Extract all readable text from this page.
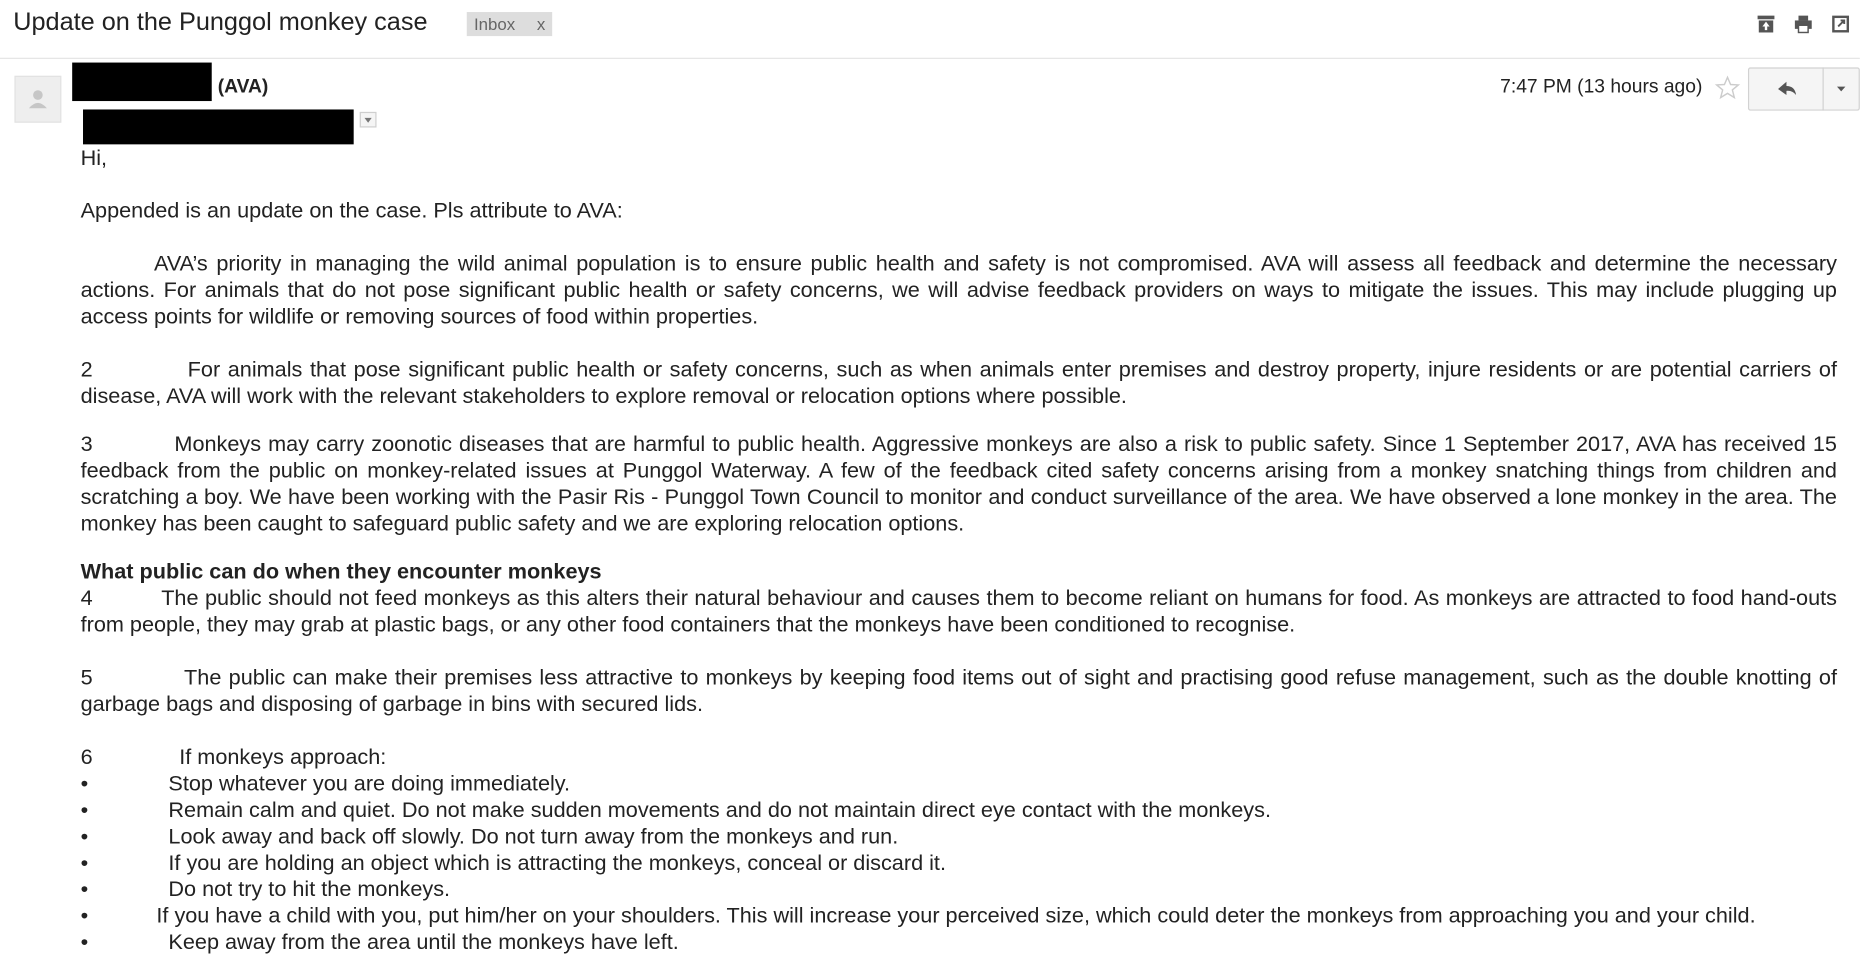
Update on the Punggol monkey case	Inbox x
(AVA)	7:47 PM (13 hours ago)
Hi,
Appended is an update on the case. Pls attribute to AVA:
AVA’s priority in managing the wild animal population is to ensure public health and safety is not compromised. AVA will assess all feedback and determine the necessary actions. For animals that do not pose significant public health or safety concerns, we will advise feedback providers on ways to mitigate the issues. This may include plugging up access points for wildlife or removing sources of food within properties.
2	For animals that pose significant public health or safety concerns, such as when animals enter premises and destroy property, injure residents or are potential carriers of disease, AVA will work with the relevant stakeholders to explore removal or relocation options where possible.
3	Monkeys may carry zoonotic diseases that are harmful to public health. Aggressive monkeys are also a risk to public safety. Since 1 September 2017, AVA has received 15 feedback from the public on monkey-related issues at Punggol Waterway. A few of the feedback cited safety concerns arising from a monkey snatching things from children and scratching a boy. We have been working with the Pasir Ris - Punggol Town Council to monitor and conduct surveillance of the area. We have observed a lone monkey in the area. The monkey has been caught to safeguard public safety and we are exploring relocation options.
What public can do when they encounter monkeys
4	The public should not feed monkeys as this alters their natural behaviour and causes them to become reliant on humans for food. As monkeys are attracted to food hand-outs from people, they may grab at plastic bags, or any other food containers that the monkeys have been conditioned to recognise.
5	The public can make their premises less attractive to monkeys by keeping food items out of sight and practising good refuse management, such as the double knotting of garbage bags and disposing of garbage in bins with secured lids.
6	If monkeys approach:
•	Stop whatever you are doing immediately.
•	Remain calm and quiet. Do not make sudden movements and do not maintain direct eye contact with the monkeys.
•	Look away and back off slowly. Do not turn away from the monkeys and run.
•	If you are holding an object which is attracting the monkeys, conceal or discard it.
•	Do not try to hit the monkeys.
•	If you have a child with you, put him/her on your shoulders. This will increase your perceived size, which could deter the monkeys from approaching you and your child.
•	Keep away from the area until the monkeys have left.
